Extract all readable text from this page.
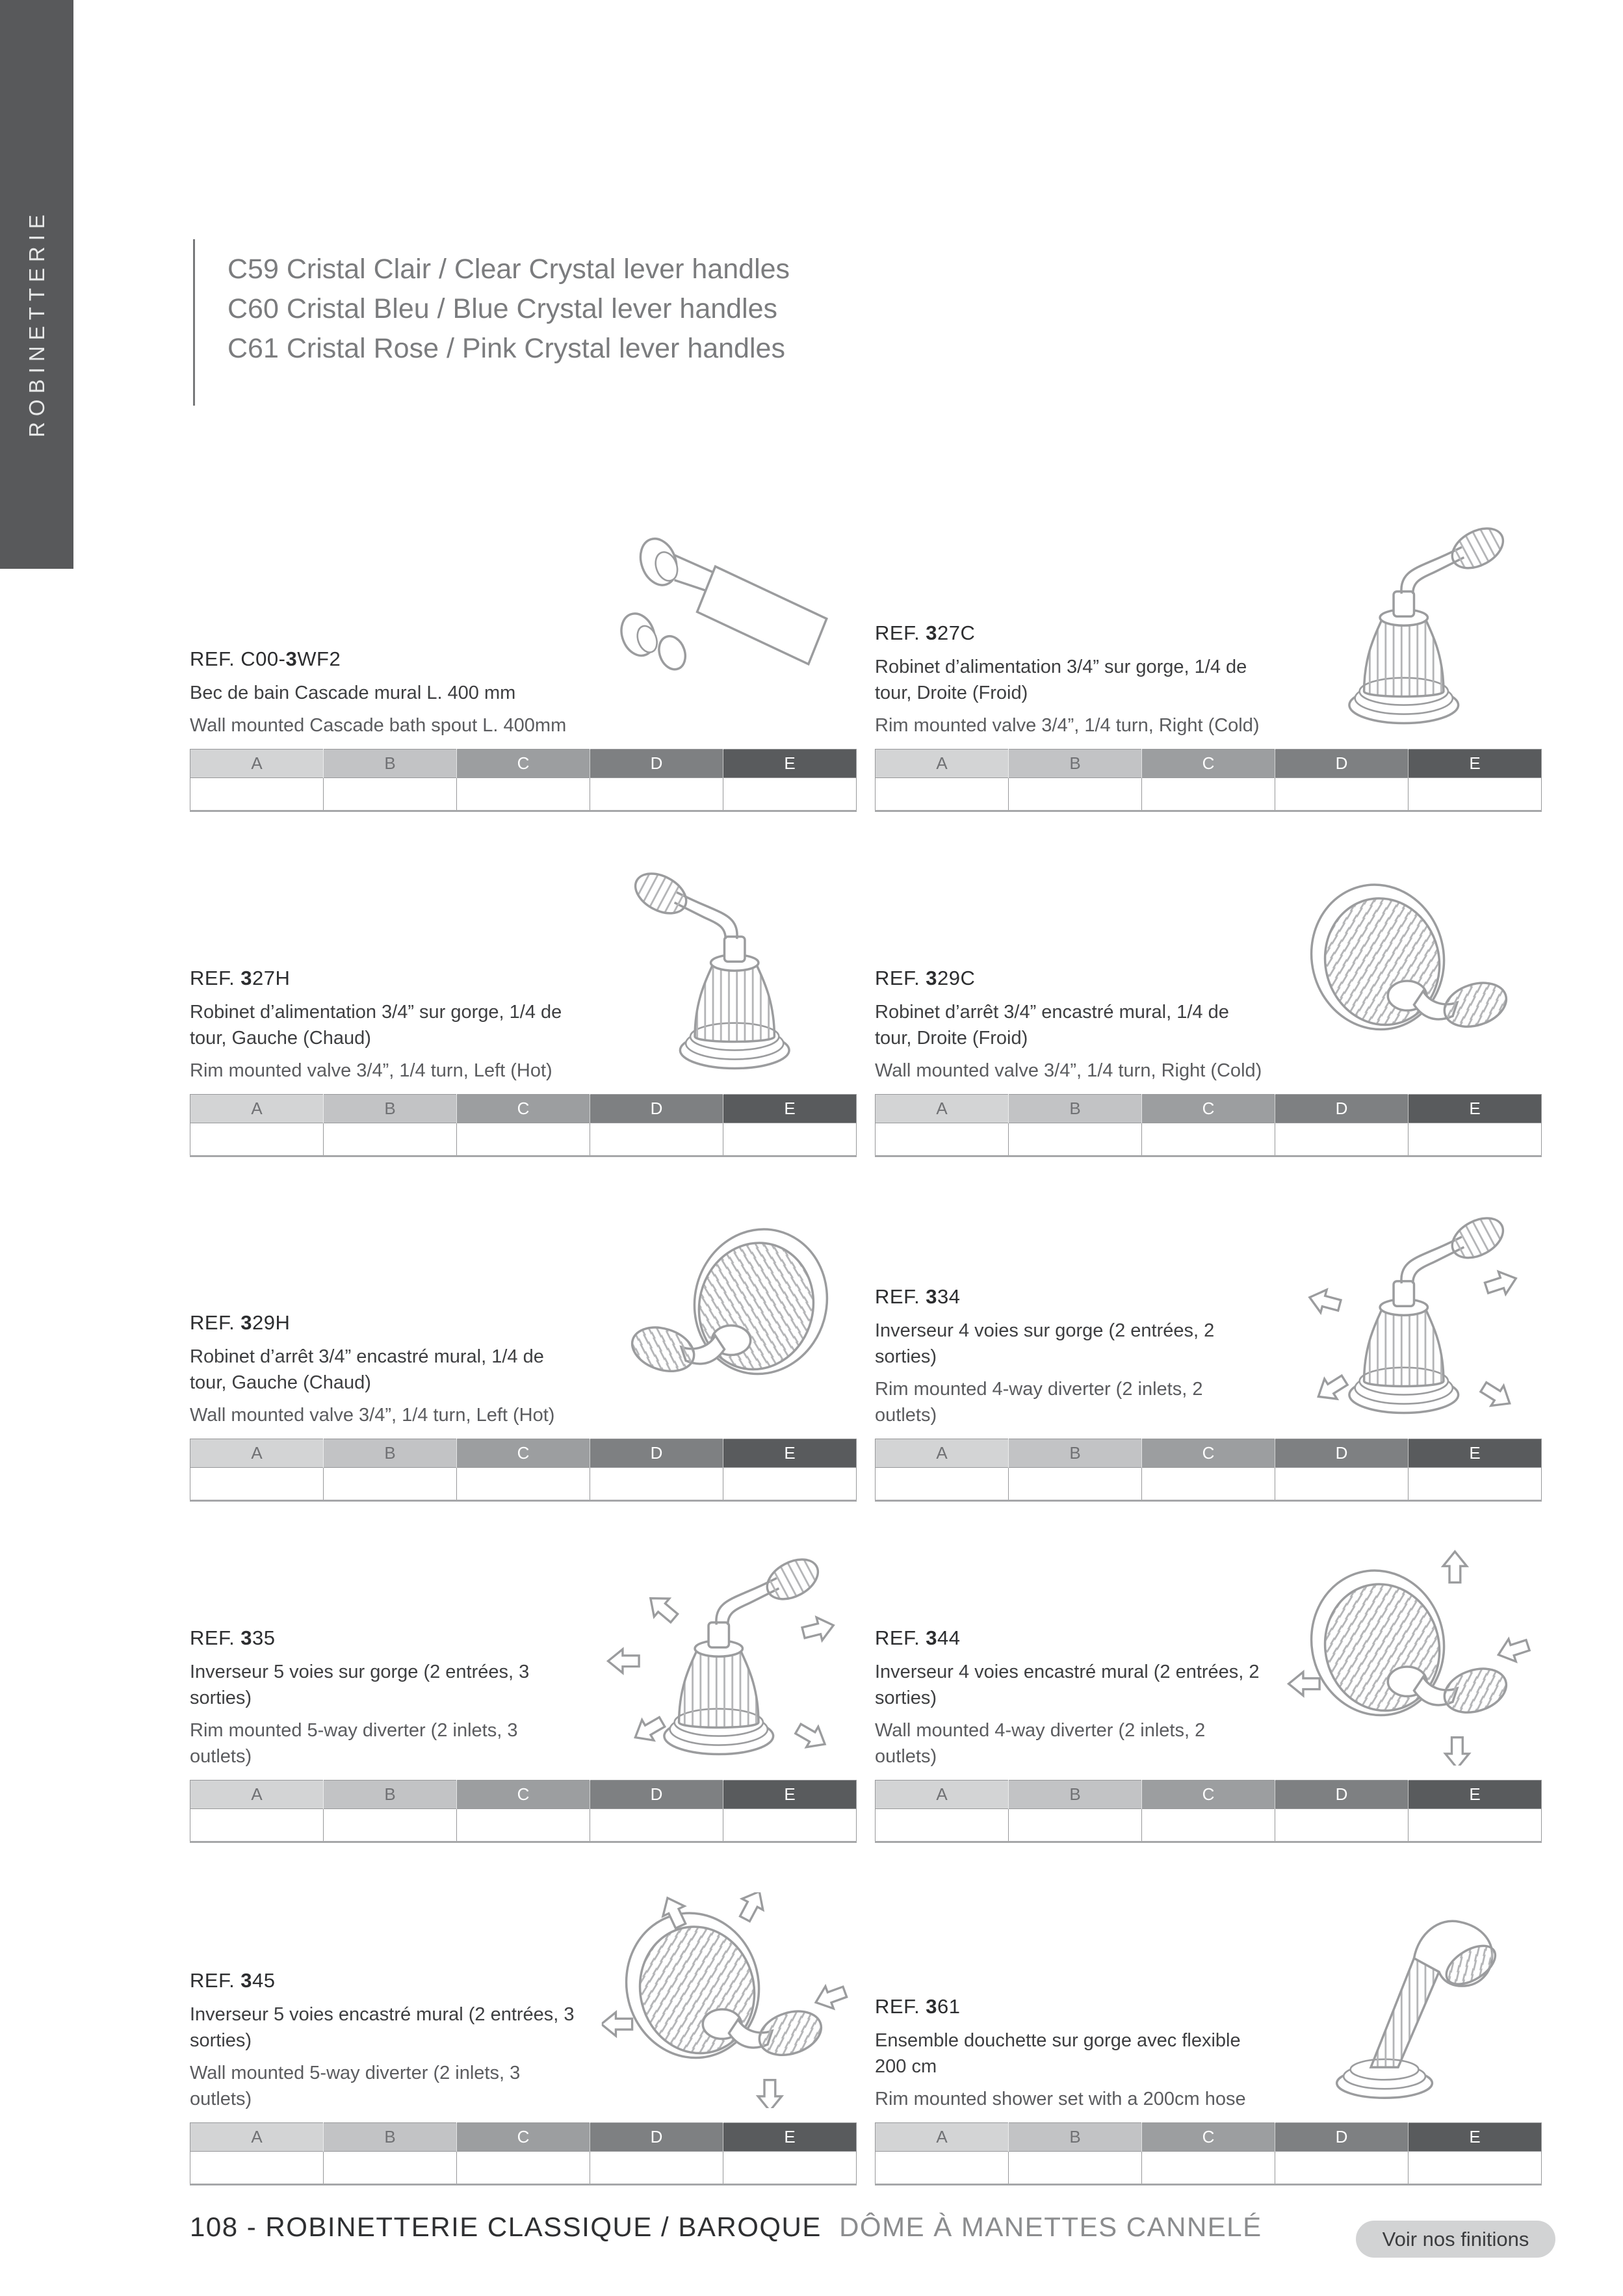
ROBINETTERIE	C59 Cristal Clair / Clear Crystal lever handles
C60 Cristal Bleu / Blue Crystal lever handles
C61 Cristal Rose / Pink Crystal lever handles
REF. C00-3WF2
Bec de bain Cascade mural L. 400 mm
Wall mounted Cascade bath spout L. 400mm
A	B	C	D	E

REF. 327C
Robinet d’alimentation 3/4” sur gorge, 1/4 de tour, Droite (Froid)
Rim mounted valve 3/4”, 1/4 turn, Right (Cold)
A	B	C	D	E

REF. 327H
Robinet d’alimentation 3/4” sur gorge, 1/4 de tour, Gauche (Chaud)
Rim mounted valve 3/4”, 1/4 turn, Left (Hot)
A	B	C	D	E

REF. 329C
Robinet d’arrêt 3/4” encastré mural, 1/4 de tour, Droite (Froid)
Wall mounted valve 3/4”, 1/4 turn, Right (Cold)
A	B	C	D	E

REF. 329H
Robinet d’arrêt 3/4” encastré mural, 1/4 de tour, Gauche (Chaud)
Wall mounted valve 3/4”, 1/4 turn, Left (Hot)
A	B	C	D	E

REF. 334
Inverseur 4 voies sur gorge (2 entrées, 2 sorties)
Rim mounted 4-way diverter (2 inlets, 2 outlets)
A	B	C	D	E

REF. 335
Inverseur 5 voies sur gorge (2 entrées, 3 sorties)
Rim mounted 5-way diverter (2 inlets, 3 outlets)
A	B	C	D	E

REF. 344
Inverseur 4 voies encastré mural (2 entrées, 2 sorties)
Wall mounted 4-way diverter (2 inlets, 2 outlets)
A	B	C	D	E

REF. 345
Inverseur 5 voies encastré mural (2 entrées, 3 sorties)
Wall mounted 5-way diverter (2 inlets, 3 outlets)
A	B	C	D	E

REF. 361
Ensemble douchette sur gorge avec flexible 200 cm
Rim mounted shower set with a 200cm hose
A	B	C	D	E

108 - ROBINETTERIE CLASSIQUE / BAROQUE DÔME À MANETTES CANNELÉ	Voir nos finitions
